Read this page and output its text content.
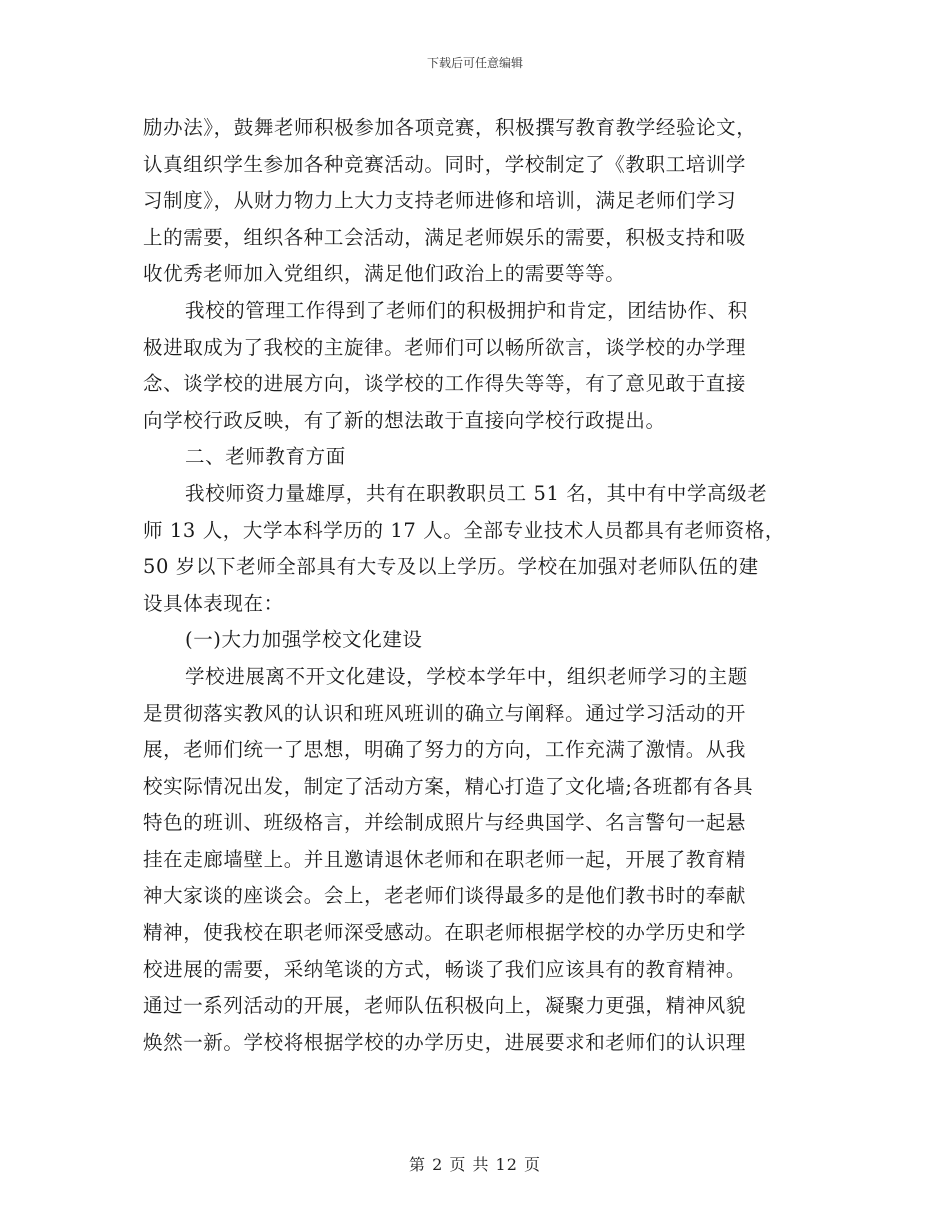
下载后可任意编辑
励办法》，鼓舞老师积极参加各项竞赛，积极撰写教育教学经验论文，
认真组织学生参加各种竞赛活动。同时，学校制定了《教职工培训学
习制度》，从财力物力上大力支持老师进修和培训，满足老师们学习
上的需要，组织各种工会活动，满足老师娱乐的需要，积极支持和吸
收优秀老师加入党组织，满足他们政治上的需要等等。
我校的管理工作得到了老师们的积极拥护和肯定，团结协作、积
极进取成为了我校的主旋律。老师们可以畅所欲言，谈学校的办学理
念、谈学校的进展方向，谈学校的工作得失等等，有了意见敢于直接
向学校行政反映，有了新的想法敢于直接向学校行政提出。
二、老师教育方面
我校师资力量雄厚，共有在职教职员工 51 名，其中有中学高级老
师 13 人，大学本科学历的 17 人。全部专业技术人员都具有老师资格，
50 岁以下老师全部具有大专及以上学历。学校在加强对老师队伍的建
设具体表现在：
(一)大力加强学校文化建设
学校进展离不开文化建设，学校本学年中，组织老师学习的主题
是贯彻落实教风的认识和班风班训的确立与阐释。通过学习活动的开
展，老师们统一了思想，明确了努力的方向，工作充满了激情。从我
校实际情况出发，制定了活动方案，精心打造了文化墙;各班都有各具
特色的班训、班级格言，并绘制成照片与经典国学、名言警句一起悬
挂在走廊墙壁上。并且邀请退休老师和在职老师一起，开展了教育精
神大家谈的座谈会。会上，老老师们谈得最多的是他们教书时的奉献
精神，使我校在职老师深受感动。在职老师根据学校的办学历史和学
校进展的需要，采纳笔谈的方式，畅谈了我们应该具有的教育精神。
通过一系列活动的开展，老师队伍积极向上，凝聚力更强，精神风貌
焕然一新。学校将根据学校的办学历史，进展要求和老师们的认识理
第 2 页 共 12 页
